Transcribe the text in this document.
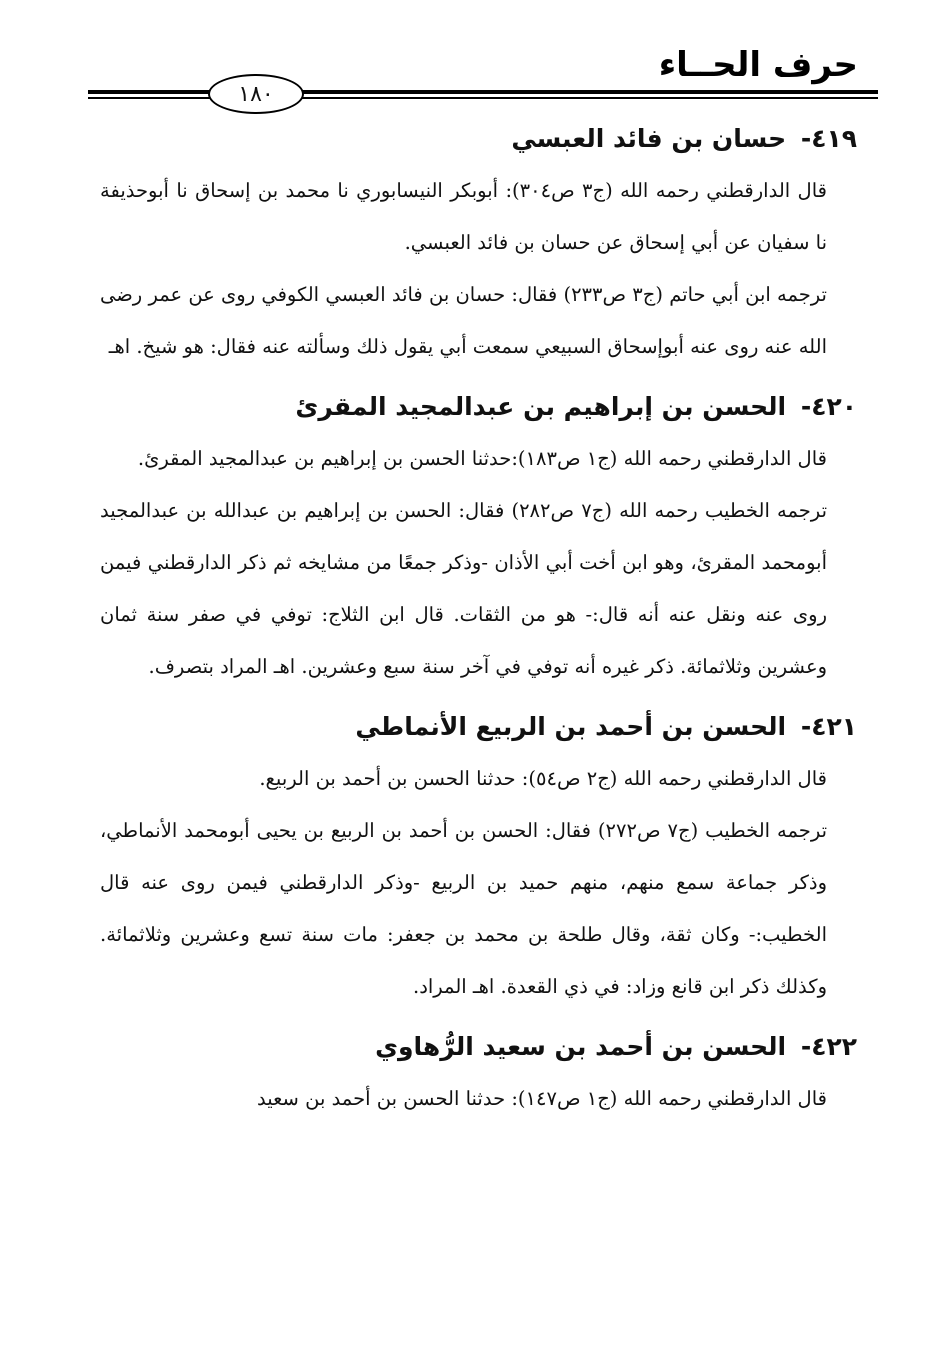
حرف الحــاء
١٨٠
٤١٩- حسان بن فائد العبسي

قال الدارقطني رحمه الله (ج٣ ص٣٠٤): أبوبكر النيسابوري نا محمد بن إسحاق نا أبوحذيفة نا سفيان عن أبي إسحاق عن حسان بن فائد العبسي.

ترجمه ابن أبي حاتم (ج٣ ص٢٣٣) فقال: حسان بن فائد العبسي الكوفي روى عن عمر رضى الله عنه روى عنه أبوإسحاق السبيعي سمعت أبي يقول ذلك وسألته عنه فقال: هو شيخ. اهـ

٤٢٠- الحسن بن إبراهيم بن عبدالمجيد المقرئ

قال الدارقطني رحمه الله (ج١ ص١٨٣):حدثنا الحسن بن إبراهيم بن عبدالمجيد المقرئ.

ترجمه الخطيب رحمه الله (ج٧ ص٢٨٢) فقال: الحسن بن إبراهيم بن عبدالله بن عبدالمجيد أبومحمد المقرئ، وهو ابن أخت أبي الأذان -وذكر جمعًا من مشايخه ثم ذكر الدارقطني فيمن روى عنه ونقل عنه أنه قال:- هو من الثقات. قال ابن الثلاج: توفي في صفر سنة ثمان وعشرين وثلاثمائة. ذكر غيره أنه توفي في آخر سنة سبع وعشرين. اهـ المراد بتصرف.

٤٢١- الحسن بن أحمد بن الربيع الأنماطي

قال الدارقطني رحمه الله (ج٢ ص٥٤): حدثنا الحسن بن أحمد بن الربيع.

ترجمه الخطيب (ج٧ ص٢٧٢) فقال: الحسن بن أحمد بن الربيع بن يحيى أبومحمد الأنماطي، وذكر جماعة سمع منهم، منهم حميد بن الربيع -وذكر الدارقطني فيمن روى عنه قال الخطيب:- وكان ثقة، وقال طلحة بن محمد بن جعفر: مات سنة تسع وعشرين وثلاثمائة. وكذلك ذكر ابن قانع وزاد: في ذي القعدة. اهـ المراد.

٤٢٢- الحسن بن أحمد بن سعيد الرُّهاوي

قال الدارقطني رحمه الله (ج١ ص١٤٧): حدثنا الحسن بن أحمد بن سعيد
